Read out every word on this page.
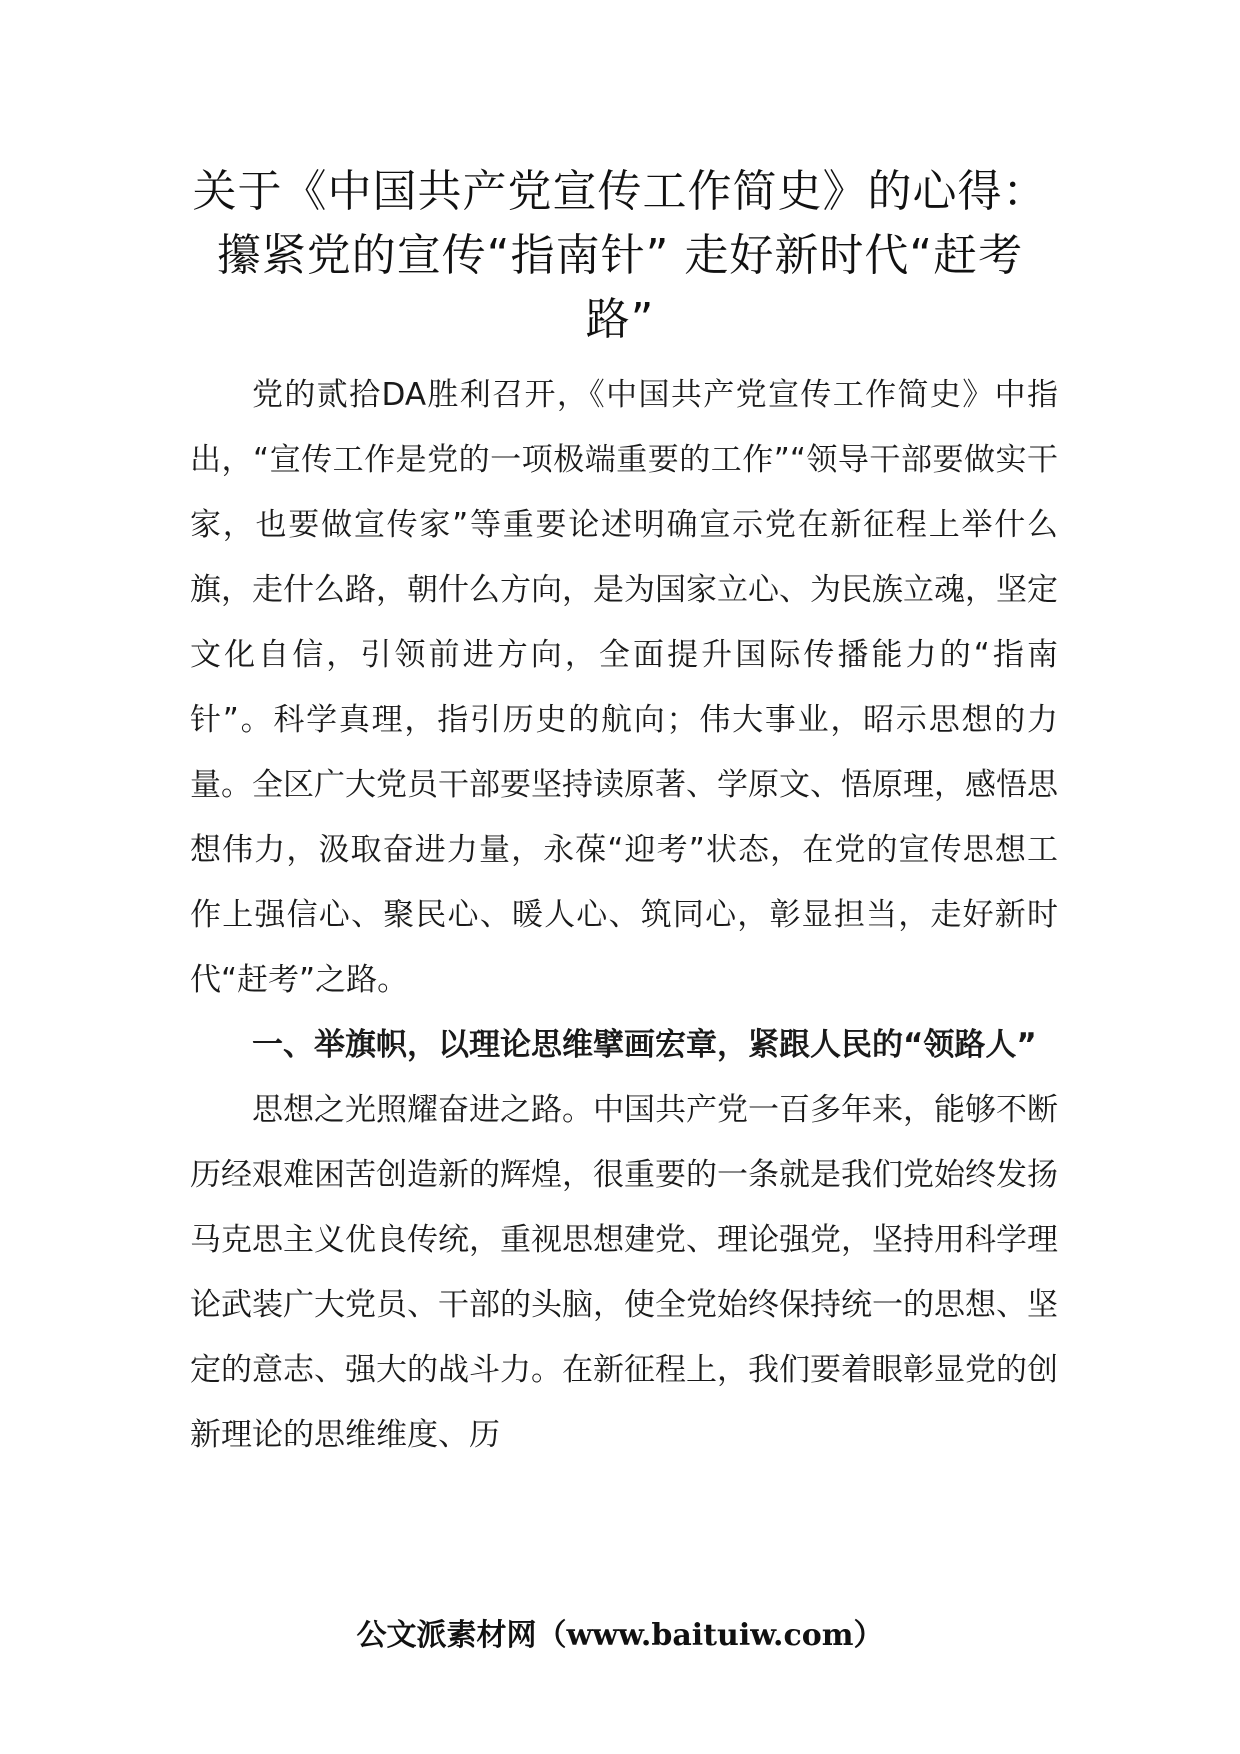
关于《中国共产党宣传工作简史》的心得：攥紧党的宣传“指南针” 走好新时代“赶考路”

党的贰拾DA胜利召开，《中国共产党宣传工作简史》中指出，“宣传工作是党的一项极端重要的工作”“领导干部要做实干家，也要做宣传家”等重要论述明确宣示党在新征程上举什么旗，走什么路，朝什么方向，是为国家立心、为民族立魂，坚定文化自信，引领前进方向，全面提升国际传播能力的“指南针”。科学真理，指引历史的航向；伟大事业，昭示思想的力量。全区广大党员干部要坚持读原著、学原文、悟原理，感悟思想伟力，汲取奋进力量，永葆“迎考”状态，在党的宣传思想工作上强信心、聚民心、暖人心、筑同心，彰显担当，走好新时代“赶考”之路。

一、举旗帜，以理论思维擘画宏章，紧跟人民的“领路人”

思想之光照耀奋进之路。中国共产党一百多年来，能够不断历经艰难困苦创造新的辉煌，很重要的一条就是我们党始终发扬马克思主义优良传统，重视思想建党、理论强党，坚持用科学理论武装广大党员、干部的头脑，使全党始终保持统一的思想、坚定的意志、强大的战斗力。在新征程上，我们要着眼彰显党的创新理论的思维维度、历

公文派素材网（www.baituiw.com）
